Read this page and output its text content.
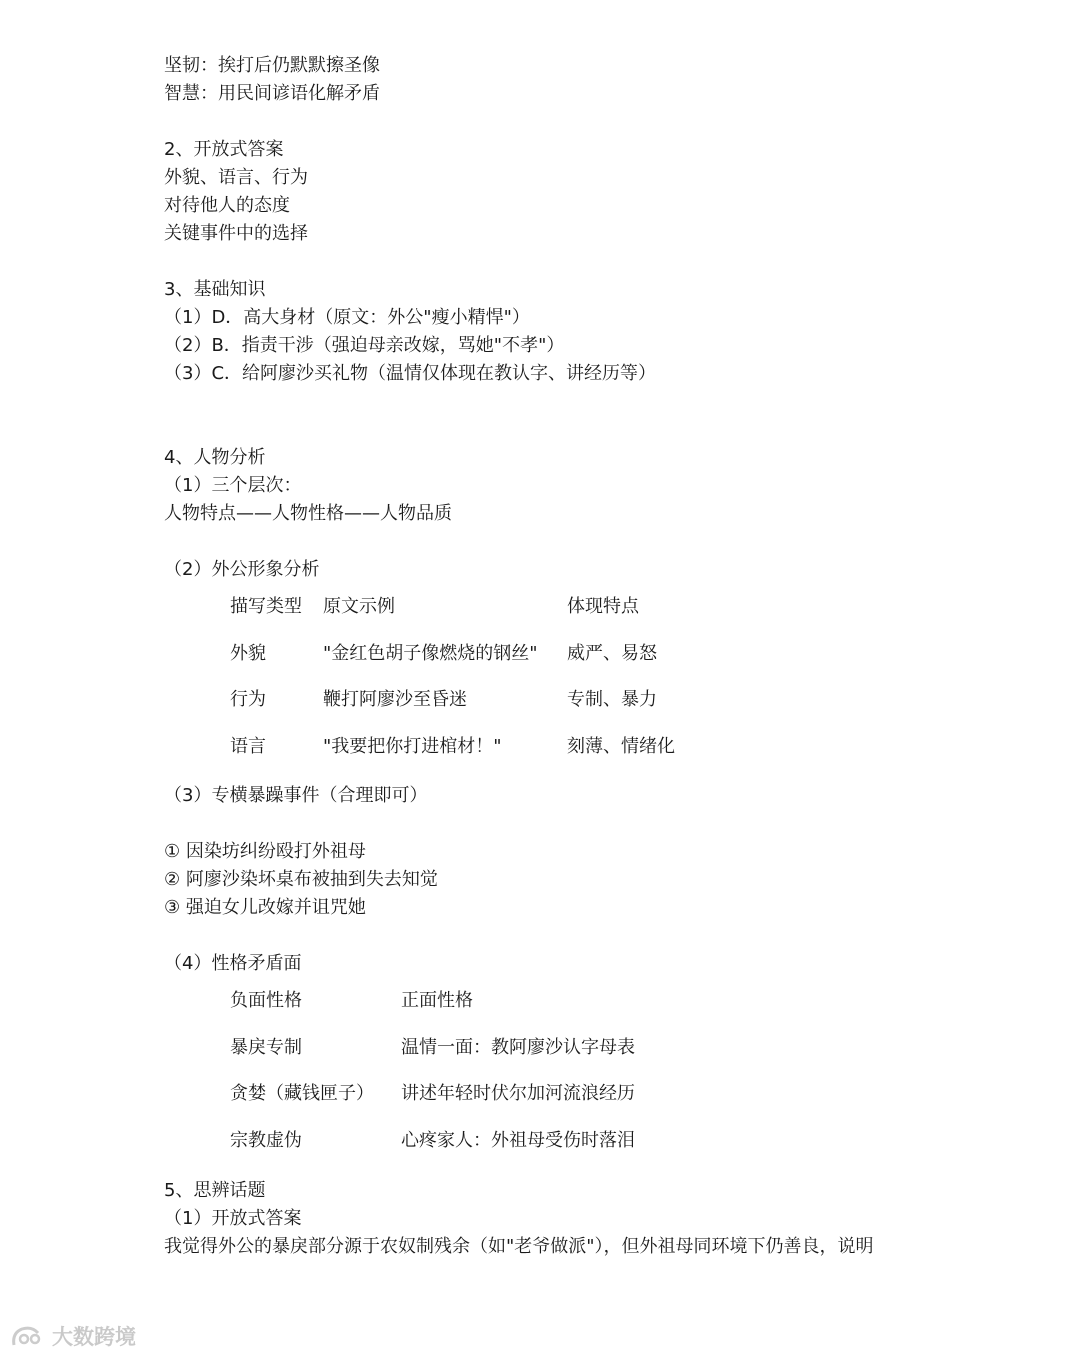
坚韧：挨打后仍默默擦圣像
智慧：用民间谚语化解矛盾
2、开放式答案
外貌、语言、行为
对待他人的态度
关键事件中的选择
3、基础知识
（1）D．高大身材（原文：外公"瘦小精悍"）
（2）B．指责干涉（强迫母亲改嫁，骂她"不孝"）
（3）C．给阿廖沙买礼物（温情仅体现在教认字、讲经历等）
4、人物分析
（1）三个层次：
人物特点——人物性格——人物品质
（2）外公形象分析
描写类型	原文示例	体现特点
外貌	"金红色胡子像燃烧的钢丝"	威严、易怒
行为	鞭打阿廖沙至昏迷	专制、暴力
语言	"我要把你打进棺材！"	刻薄、情绪化
（3）专横暴躁事件（合理即可）
① 因染坊纠纷殴打外祖母
② 阿廖沙染坏桌布被抽到失去知觉
③ 强迫女儿改嫁并诅咒她
（4）性格矛盾面
负面性格	正面性格
暴戾专制	温情一面：教阿廖沙认字母表
贪婪（藏钱匣子）	讲述年轻时伏尔加河流浪经历
宗教虚伪	心疼家人：外祖母受伤时落泪
5、思辨话题
（1）开放式答案
我觉得外公的暴戾部分源于农奴制残余（如"老爷做派"），但外祖母同环境下仍善良，说明
大数跨境
